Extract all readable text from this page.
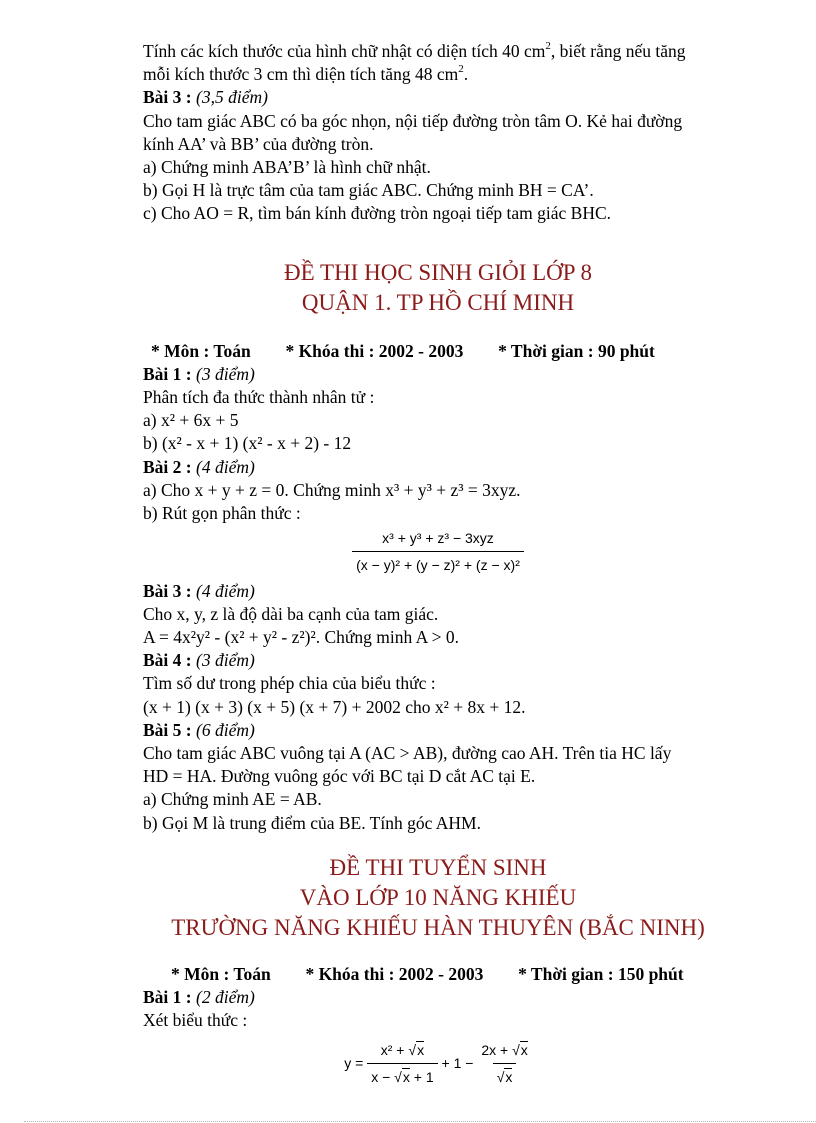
Tính các kích thước của hình chữ nhật có diện tích 40 $cm^2$, biết rằng nếu tăng
mỗi kích thước 3 cm thì diện tích tăng 48 $cm^2$.
Bài 3 : (3,5 điểm)
Cho tam giác ABC có ba góc nhọn, nội tiếp đường tròn tâm O. Kẻ hai đường
kính AA’ và BB’ của đường tròn.
a) Chứng minh ABA’B’ là hình chữ nhật.
b) Gọi H là trực tâm của tam giác ABC. Chứng minh BH = CA’.
c) Cho AO = R, tìm bán kính đường tròn ngoại tiếp tam giác BHC.
ĐỀ THI HỌC SINH GIỎI LỚP 8
QUẬN 1. TP HỒ CHÍ MINH
* Môn : Toán * Khóa thi : 2002 - 2003 * Thời gian : 90 phút
Bài 1 : (3 điểm)
Phân tích đa thức thành nhân tử :
a) x² + 6x + 5
b) (x² - x + 1) (x² - x + 2) - 12
Bài 2 : (4 điểm)
a) Cho x + y + z = 0. Chứng minh x³ + y³ + z³ = 3xyz.
b) Rút gọn phân thức :
$\frac{\text{x³ + y³ + z³ − 3xyz}}{\text{(x − y)² + (y − z)² + (z − x)²}}$
Bài 3 : (4 điểm)
Cho x, y, z là độ dài ba cạnh của tam giác.
A = 4x²y² - (x² + y² - z²)². Chứng minh A > 0.
Bài 4 : (3 điểm)
Tìm số dư trong phép chia của biểu thức :
(x + 1) (x + 3) (x + 5) (x + 7) + 2002 cho x² + 8x + 12.
Bài 5 : (6 điểm)
Cho tam giác ABC vuông tại A (AC > AB), đường cao AH. Trên tia HC lấy
HD = HA. Đường vuông góc với BC tại D cắt AC tại E.
a) Chứng minh AE = AB.
b) Gọi M là trung điểm của BE. Tính góc AHM.
ĐỀ THI TUYỂN SINH
VÀO LỚP 10 NĂNG KHIẾU
TRƯỜNG NĂNG KHIẾU HÀN THUYÊN (BẮC NINH)
* Môn : Toán * Khóa thi : 2002 - 2003 * Thời gian : 150 phút
Bài 1 : (2 điểm)
Xét biểu thức :
$y = \frac{\text{x² + √x}}{x - √x + 1} + 1 - \frac{2x + √x}{√x}$
